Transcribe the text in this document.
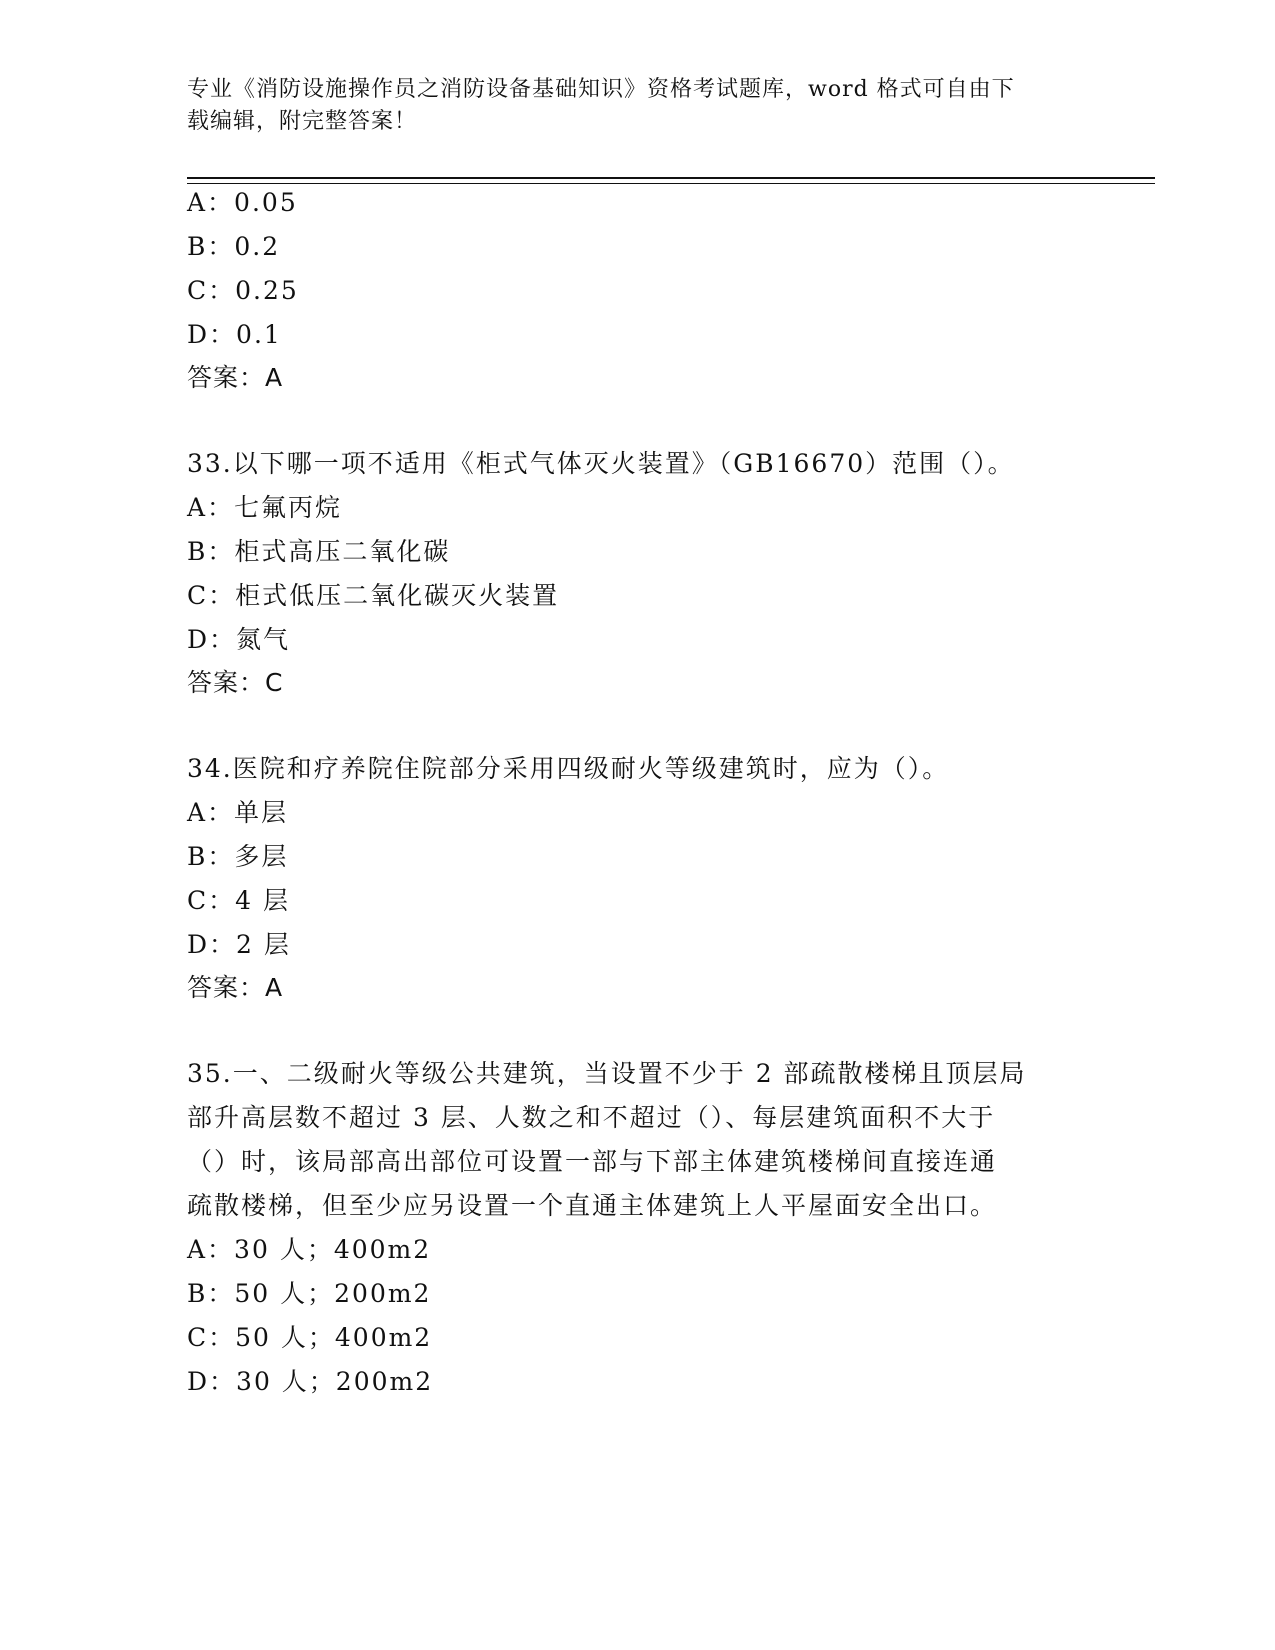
专业《消防设施操作员之消防设备基础知识》资格考试题库，word 格式可自由下
载编辑，附完整答案！
A：0.05
B：0.2
C：0.25
D：0.1
答案：A
33.以下哪一项不适用《柜式气体灭火装置》（GB16670）范围（）。
A：七氟丙烷
B：柜式高压二氧化碳
C：柜式低压二氧化碳灭火装置
D：氮气
答案：C
34.医院和疗养院住院部分采用四级耐火等级建筑时，应为（）。
A：单层
B：多层
C：4 层
D：2 层
答案：A
35.一、二级耐火等级公共建筑，当设置不少于 2 部疏散楼梯且顶层局
部升高层数不超过 3 层、人数之和不超过（）、每层建筑面积不大于
（）时，该局部高出部位可设置一部与下部主体建筑楼梯间直接连通
疏散楼梯，但至少应另设置一个直通主体建筑上人平屋面安全出口。
A：30 人；400m2
B：50 人；200m2
C：50 人；400m2
D：30 人；200m2
